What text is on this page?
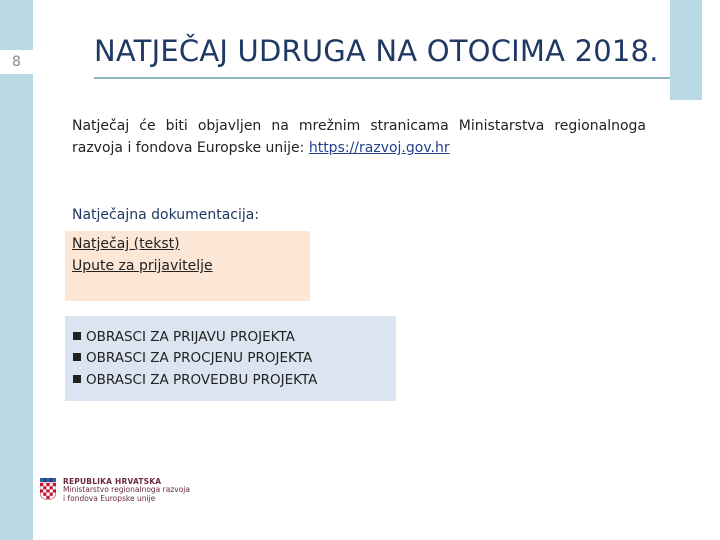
8	NATJEČAJ UDRUGA NA OTOCIMA 2018.
Natječaj će biti objavljen na mrežnim stranicama Ministarstva regionalnoga razvoja i fondova Europske unije: https://razvoj.gov.hr
Natječajna dokumentacija:
Natječaj (tekst)
Upute za prijavitelje
OBRASCI ZA PRIJAVU PROJEKTA
OBRASCI ZA PROCJENU PROJEKTA
OBRASCI ZA PROVEDBU PROJEKTA
REPUBLIKA HRVATSKA
Ministarstvo regionalnoga razvoja
i fondova Europske unije
